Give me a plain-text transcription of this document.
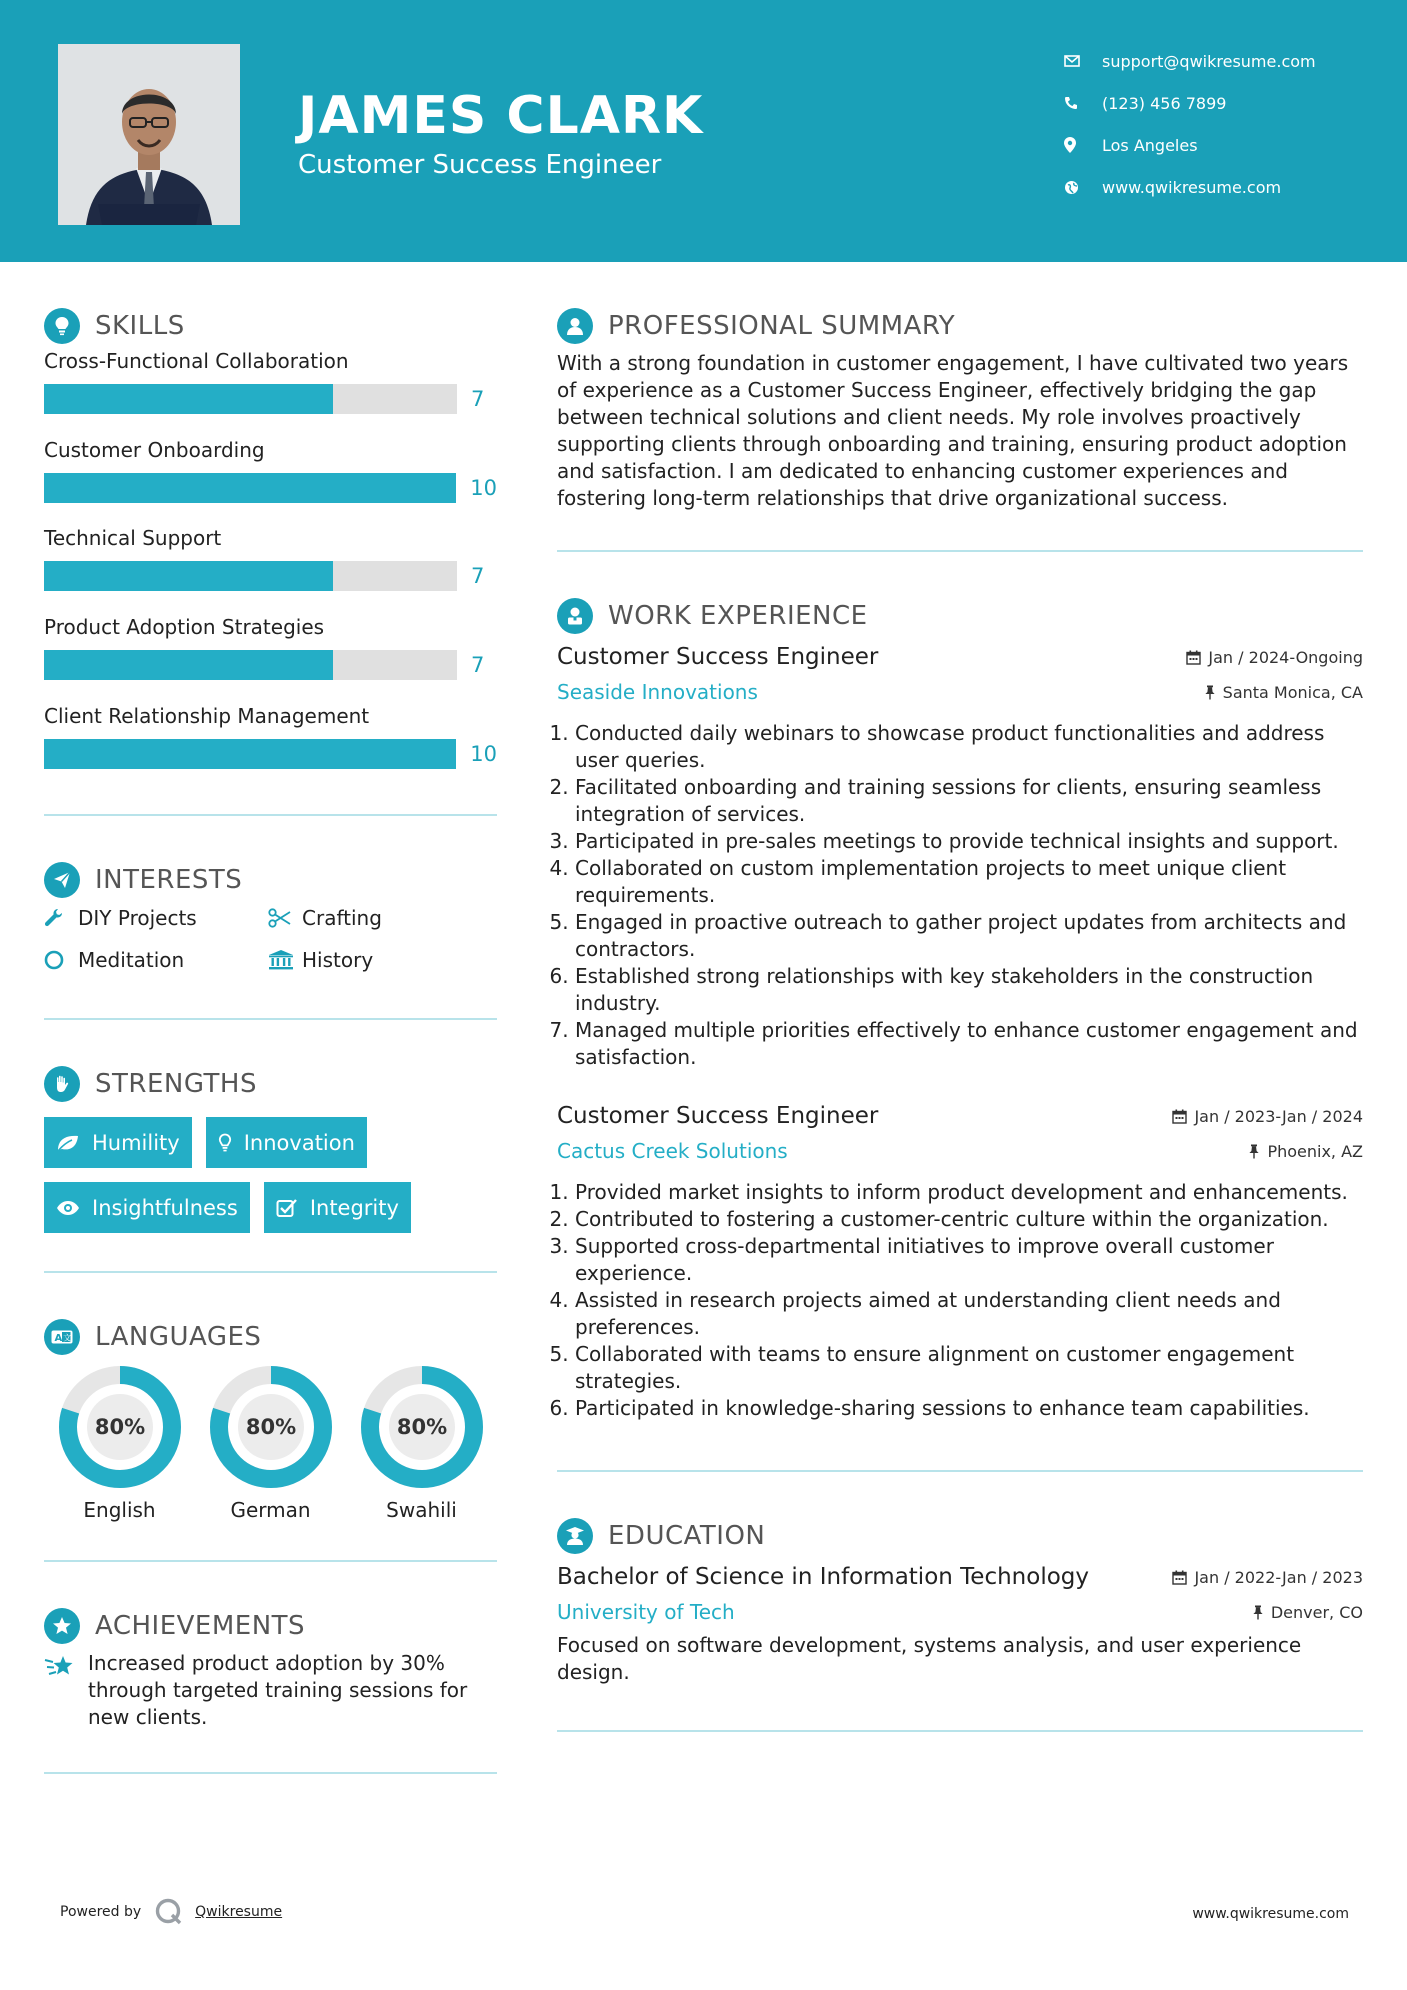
JAMES CLARK
Customer Success Engineer
support@qwikresume.com
(123) 456 7899
Los Angeles
www.qwikresume.com
SKILLS
Cross-Functional Collaboration
7
Customer Onboarding
10
Technical Support
7
Product Adoption Strategies
7
Client Relationship Management
10
INTERESTS
DIY Projects	Crafting
Meditation	History
STRENGTHS
Humility	Innovation
Insightfulness	Integrity
A 文 LANGUAGES
80%
English
80%
German
80%
Swahili
ACHIEVEMENTS
Increased product adoption by 30% through targeted training sessions for new clients.
PROFESSIONAL SUMMARY

With a strong foundation in customer engagement, I have cultivated two years of experience as a Customer Success Engineer, effectively bridging the gap between technical solutions and client needs. My role involves proactively supporting clients through onboarding and training, ensuring product adoption and satisfaction. I am dedicated to enhancing customer experiences and fostering long-term relationships that drive organizational success.

WORK EXPERIENCE
Customer Success Engineer	Jan / 2024-Ongoing
Seaside Innovations	Santa Monica, CA
1. Conducted daily webinars to showcase product functionalities and address user queries.
2. Facilitated onboarding and training sessions for clients, ensuring seamless integration of services.
3. Participated in pre-sales meetings to provide technical insights and support.
4. Collaborated on custom implementation projects to meet unique client requirements.
5. Engaged in proactive outreach to gather project updates from architects and contractors.
6. Established strong relationships with key stakeholders in the construction industry.
7. Managed multiple priorities effectively to enhance customer engagement and satisfaction.
Customer Success Engineer	Jan / 2023-Jan / 2024
Cactus Creek Solutions	Phoenix, AZ
1. Provided market insights to inform product development and enhancements.
2. Contributed to fostering a customer-centric culture within the organization.
3. Supported cross-departmental initiatives to improve overall customer experience.
4. Assisted in research projects aimed at understanding client needs and preferences.
5. Collaborated with teams to ensure alignment on customer engagement strategies.
6. Participated in knowledge-sharing sessions to enhance team capabilities.
EDUCATION
Bachelor of Science in Information Technology	Jan / 2022-Jan / 2023
University of Tech	Denver, CO

Focused on software development, systems analysis, and user experience design.

Powered by	Qwikresume	www.qwikresume.com
